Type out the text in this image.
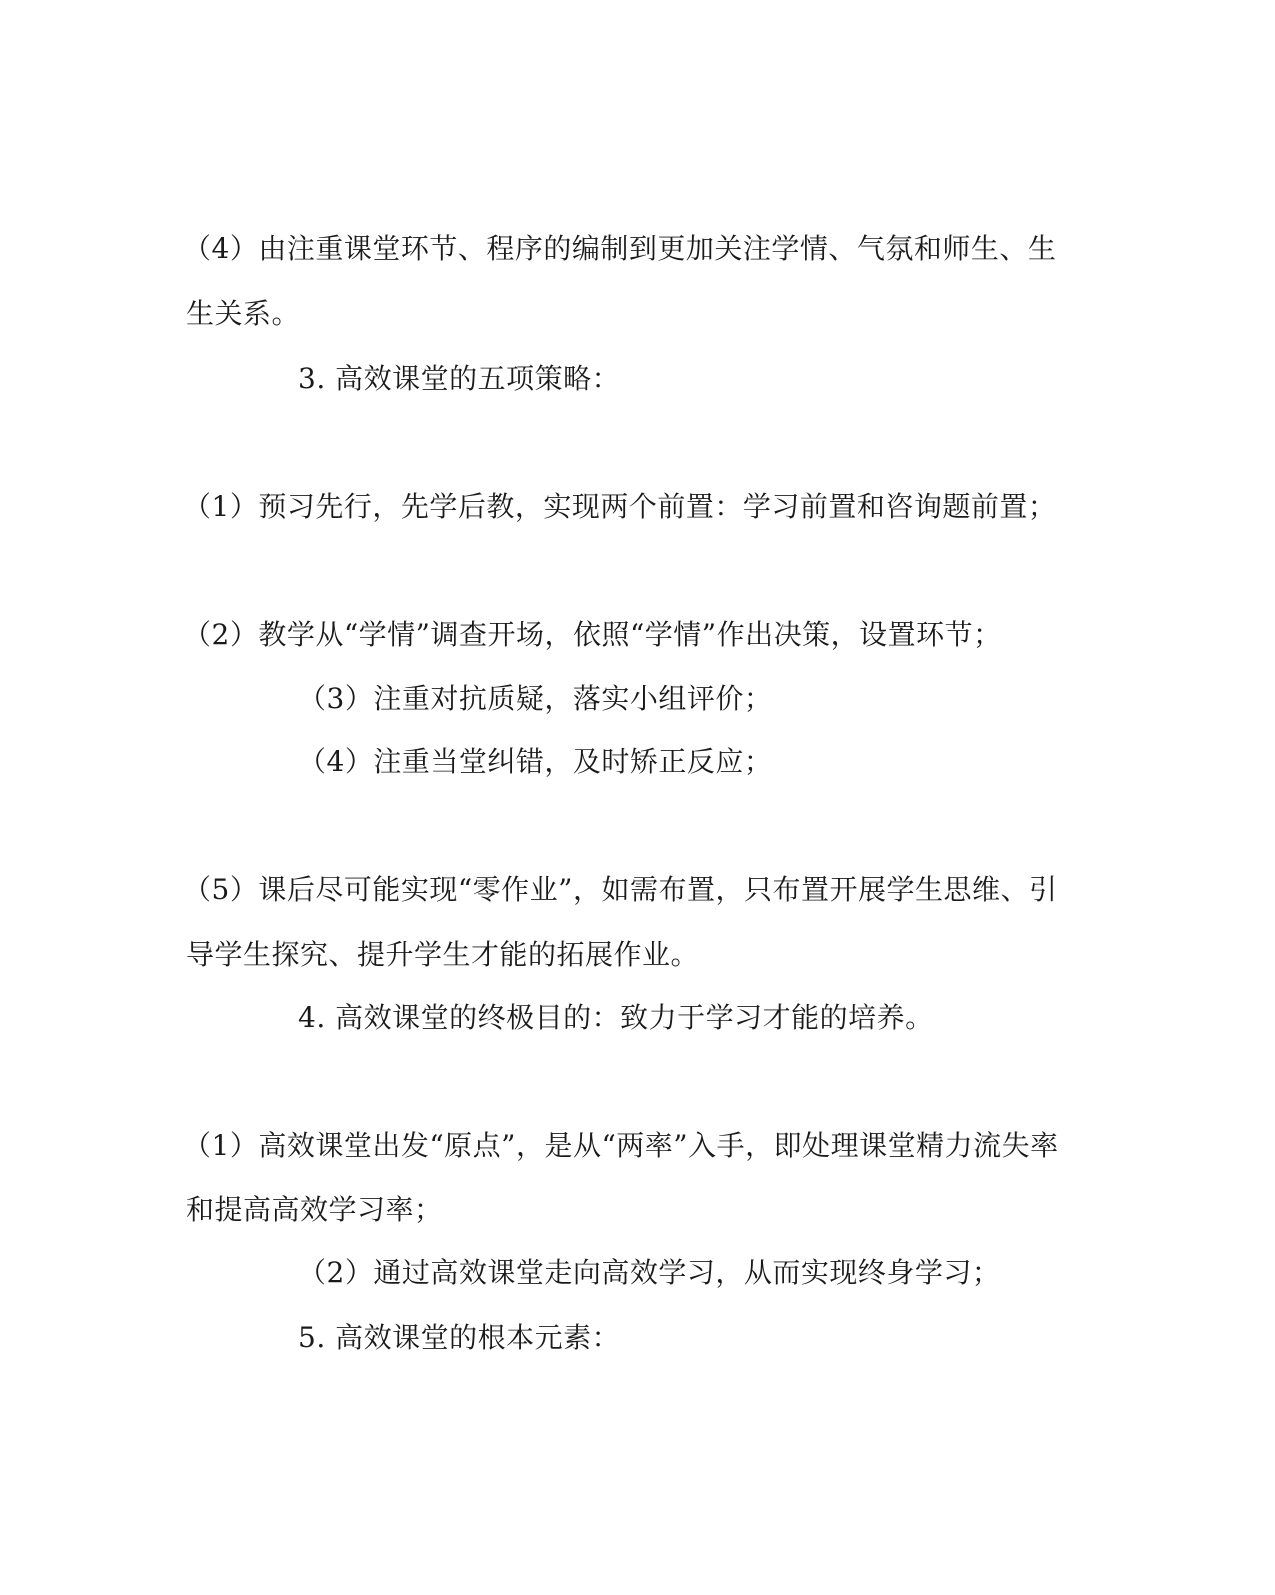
（4）由注重课堂环节、程序的编制到更加关注学情、气氛和师生、生
生关系。
3. 高效课堂的五项策略：
（1）预习先行，先学后教，实现两个前置：学习前置和咨询题前置；
（2）教学从“学情”调查开场，依照“学情”作出决策，设置环节；
（3）注重对抗质疑，落实小组评价；
（4）注重当堂纠错，及时矫正反应；
（5）课后尽可能实现“零作业”，如需布置，只布置开展学生思维、引
导学生探究、提升学生才能的拓展作业。
4. 高效课堂的终极目的：致力于学习才能的培养。
（1）高效课堂出发“原点”，是从“两率”入手，即处理课堂精力流失率
和提高高效学习率；
（2）通过高效课堂走向高效学习，从而实现终身学习；
5. 高效课堂的根本元素：
